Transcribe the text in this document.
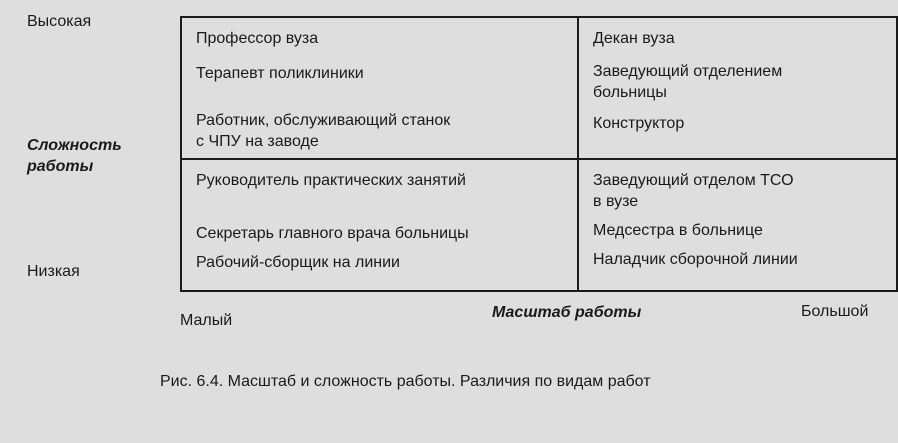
Высокая
Сложность работы
Низкая

Профессор вуза

Терапевт поликлиники

Работник, обслуживающий станок
с ЧПУ на заводе

Декан вуза

Заведующий отделением
больницы

Конструктор

Руководитель практических занятий

Секретарь главного врача больницы

Рабочий-сборщик на линии

Заведующий отделом ТСО
в вузе

Медсестра в больнице

Наладчик сборочной линии

Малый	Масштаб работы	Большой
Рис. 6.4. Масштаб и сложность работы. Различия по видам работ
